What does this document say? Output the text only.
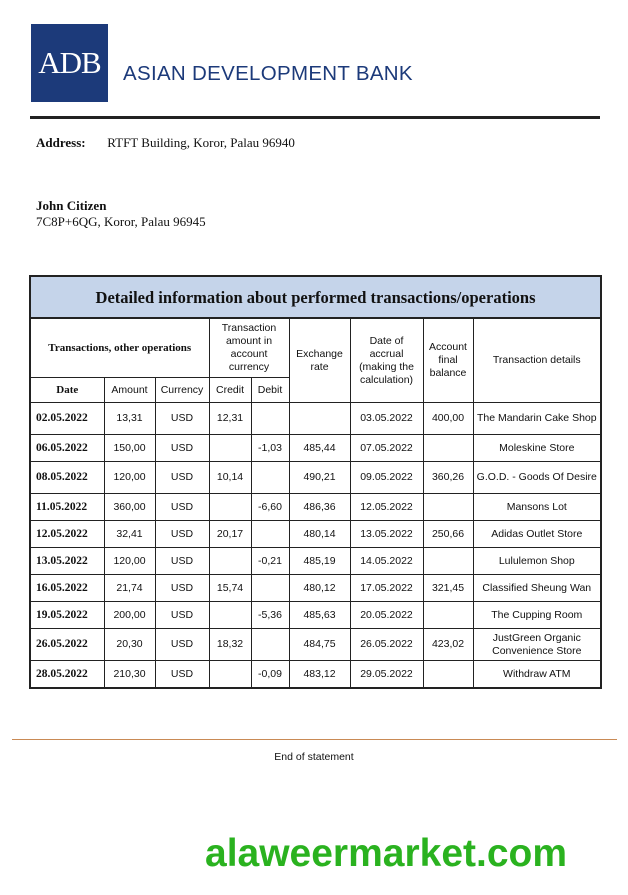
ADB	ASIAN DEVELOPMENT BANK
Address: RTFT Building, Koror, Palau 96940
John Citizen
7C8P+6QG, Koror, Palau 96945
Detailed information about performed transactions/operations								
Transactions, other operations			Transaction amount in account currency		Exchange rate	Date of accrual (making the calculation)	Account final balance	Transaction details
Date	Amount	Currency	Credit	Debit				
02.05.2022	13,31	USD	12,31			03.05.2022	400,00	The Mandarin Cake Shop
06.05.2022	150,00	USD		-1,03	485,44	07.05.2022		Moleskine Store
08.05.2022	120,00	USD	10,14		490,21	09.05.2022	360,26	G.O.D. - Goods Of Desire
11.05.2022	360,00	USD		-6,60	486,36	12.05.2022		Mansons Lot
12.05.2022	32,41	USD	20,17		480,14	13.05.2022	250,66	Adidas Outlet Store
13.05.2022	120,00	USD		-0,21	485,19	14.05.2022		Lululemon Shop
16.05.2022	21,74	USD	15,74		480,12	17.05.2022	321,45	Classified Sheung Wan
19.05.2022	200,00	USD		-5,36	485,63	20.05.2022		The Cupping Room
26.05.2022	20,30	USD	18,32		484,75	26.05.2022	423,02	JustGreen Organic Convenience Store
28.05.2022	210,30	USD		-0,09	483,12	29.05.2022		Withdraw ATM
End of statement
alaweermarket.com
